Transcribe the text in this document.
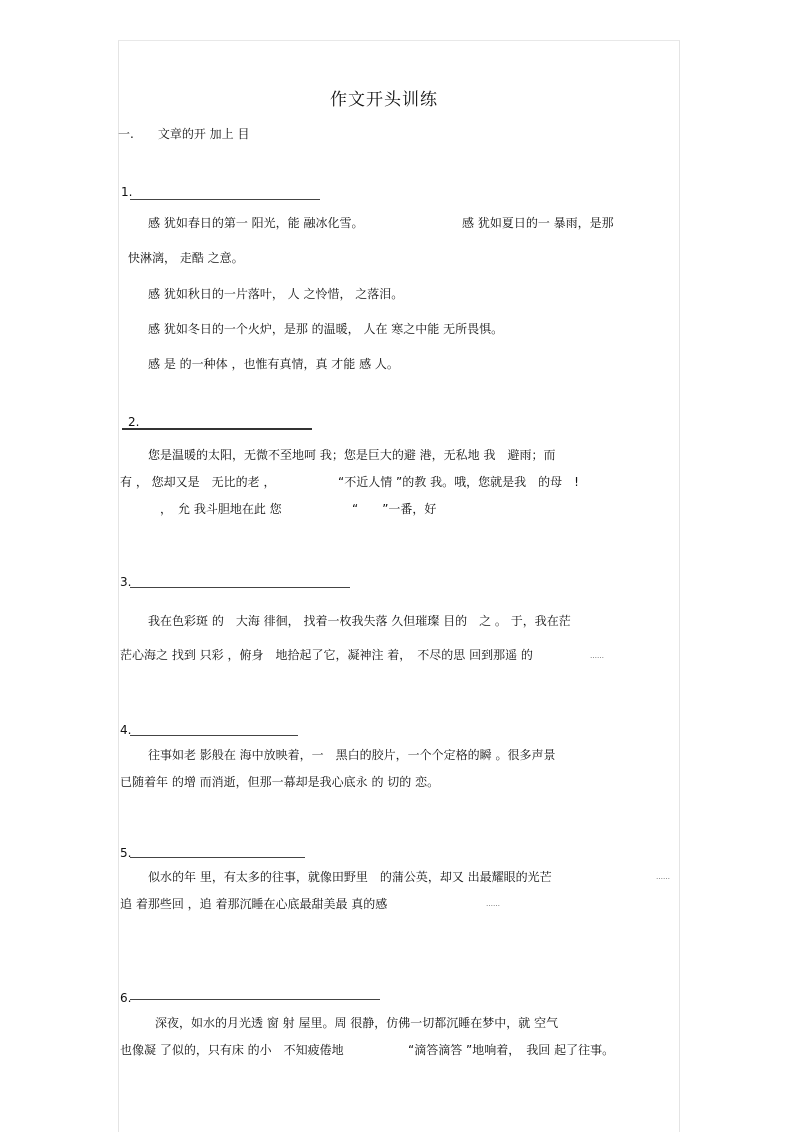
作文开头训练
一.　　文章的开 加上 目
1.
感 犹如春日的第一 阳光，能 融冰化雪。	感 犹如夏日的一 暴雨，是那
快淋漓， 走酷 之意。
感 犹如秋日的一片落叶， 人 之怜惜， 之落泪。
感 犹如冬日的一个火炉，是那 的温暖， 人在 寒之中能 无所畏惧。
感 是 的一种体 ，也惟有真情，真 才能 感 人。
2.
您是温暖的太阳，无微不至地呵 我；您是巨大的避 港，无私地 我　避雨；而
有 ， 您却又是　无比的老 ，	“不近人情 ”的教 我。哦，您就是我　的母　!
，　允 我斗胆地在此 您	“　　”一番，好
3.
我在色彩斑 的　大海 徘徊， 找着一枚我失落 久但璀璨 目的　之 。 于，我在茫
茫心海之 找到 只彩 ，俯身　地拾起了它，凝神注 着，　不尽的思 回到那遥 的	……
4.
往事如老 影般在 海中放映着，一　黑白的胶片，一个个定格的瞬 。很多声景
已随着年 的增 而消逝，但那一幕却是我心底永 的 切的 恋。
5.
似水的年 里，有太多的往事，就像田野里　的蒲公英，却又 出最耀眼的光芒	……
追 着那些回 ，追 着那沉睡在心底最甜美最 真的感	……
6.
深夜，如水的月光透 窗 射 屋里。周 很静，仿佛一切都沉睡在梦中，就 空气
也像凝 了似的，只有床 的小　不知疲倦地	“滴答滴答 ”地响着，　我回 起了往事。
